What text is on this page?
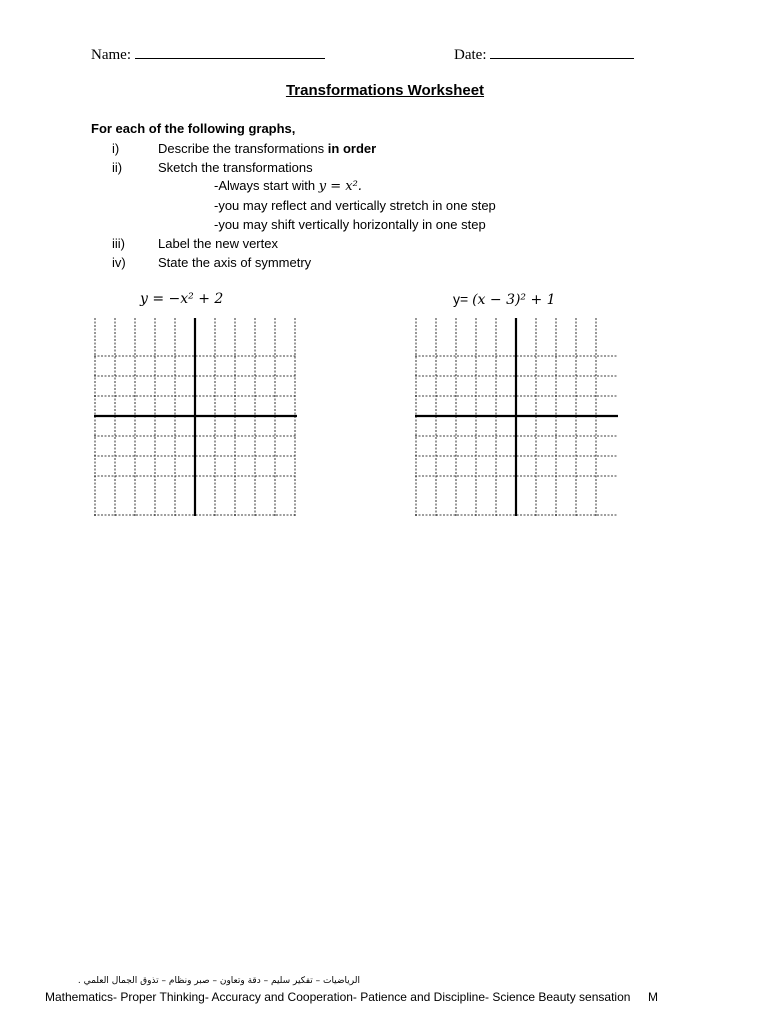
Name:	Date:
Transformations Worksheet
For each of the following graphs,
i)	Describe the transformations in order
ii)	Sketch the transformations
-Always start with y = x².
-you may reflect and vertically stretch in one step
-you may shift vertically horizontally in one step
iii)	Label the new vertex
iv) State the axis of symmetry
y = −x² + 2	y= (x − 3)² + 1
الرياضيات – تفكير سليم – دقة وتعاون – صبر ونظام – تذوق الجمال العلمي .
Mathematics- Proper Thinking- Accuracy and Cooperation- Patience and Discipline- Science Beauty sensation M
